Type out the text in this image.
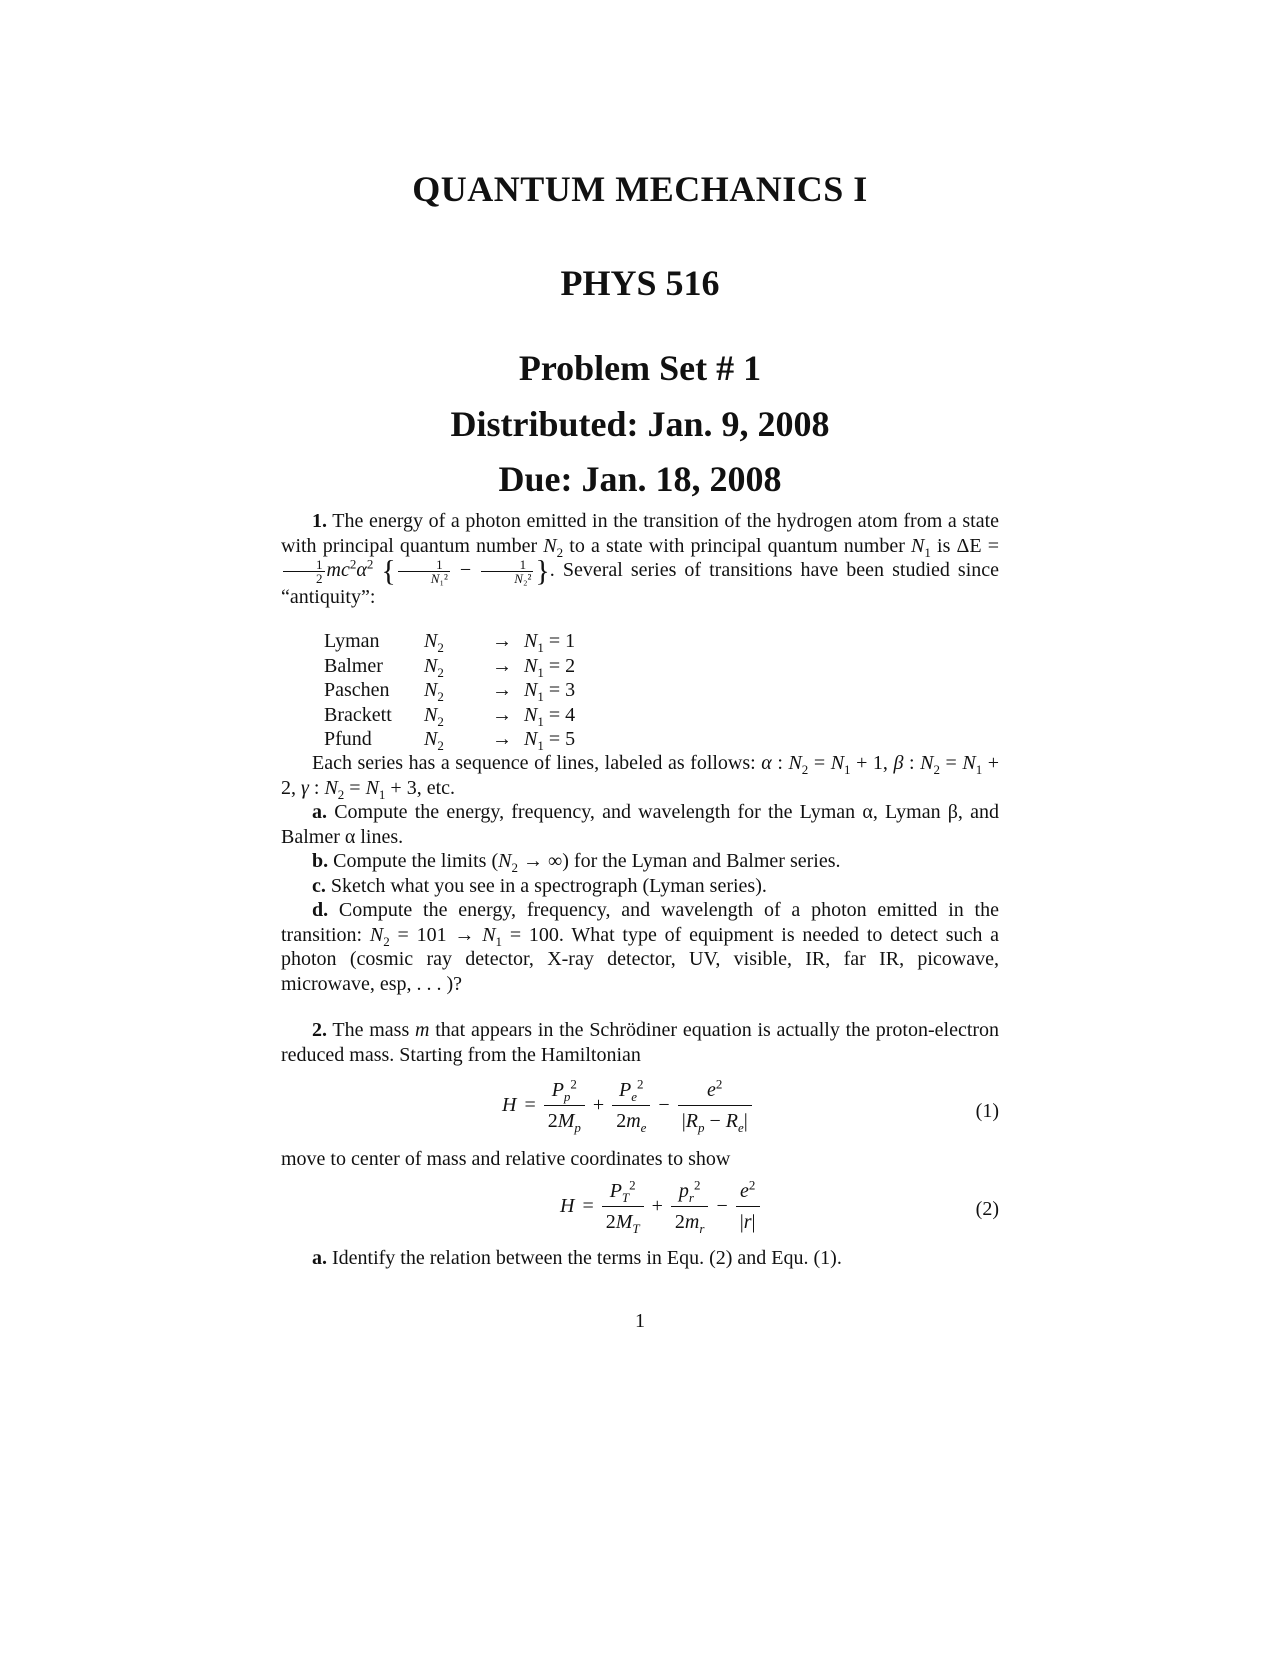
QUANTUM MECHANICS I
PHYS 516
Problem Set # 1
Distributed: Jan. 9, 2008
Due: Jan. 18, 2008

1. The energy of a photon emitted in the transition of the hydrogen atom from a state with principal quantum number $N_2$ to a state with principal quantum number $N_1$ is ΔE =
$\frac{1}{2} mc^2\alpha^2$ { $\frac{1}{\text{N₁²}} - \frac{1}{\text{N₂²}}$ }. Several series of transitions have been studied since “antiquity”:

Lyman	$N_2$	→	$N_1 = 1$
Balmer	$N_2$	→	$N_1 = 2$
Paschen	$N_2$	→	$N_1 = 3$
Brackett	$N_2$	→	$N_1 = 4$
Pfund	$N_2$	→	$N_1 = 5$

Each series has a sequence of lines, labeled as follows: α : $N_2 = N_1 + 1$, β : $N_2 = N_1 + 2$, γ : $N_2 = N_1 + 3$, etc.

a. Compute the energy, frequency, and wavelength for the Lyman α, Lyman β, and Balmer α lines.

b. Compute the limits ($N_2$ → ∞) for the Lyman and Balmer series.

c. Sketch what you see in a spectrograph (Lyman series).

d. Compute the energy, frequency, and wavelength of a photon emitted in the transition: $N_2 = 101 \to N_1 = 100$. What type of equipment is needed to detect such a photon (cosmic ray detector, X-ray detector, UV, visible, IR, far IR, picowave, microwave, esp, . . . )?

2. The mass m that appears in the Schrödiner equation is actually the proton-electron reduced mass. Starting from the Hamiltonian

$H = \frac{P_p^2}{2M_p} + \frac{P_e^2}{2m_e} - \frac{e^2}{|R_p - R_e|}$	(1)

move to center of mass and relative coordinates to show

$H = \frac{P_T^2}{2M_T} + \frac{p_r^2}{2m_r} - \frac{e^2}{|r|}$	(2)

a. Identify the relation between the terms in Equ. (2) and Equ. (1).

1
